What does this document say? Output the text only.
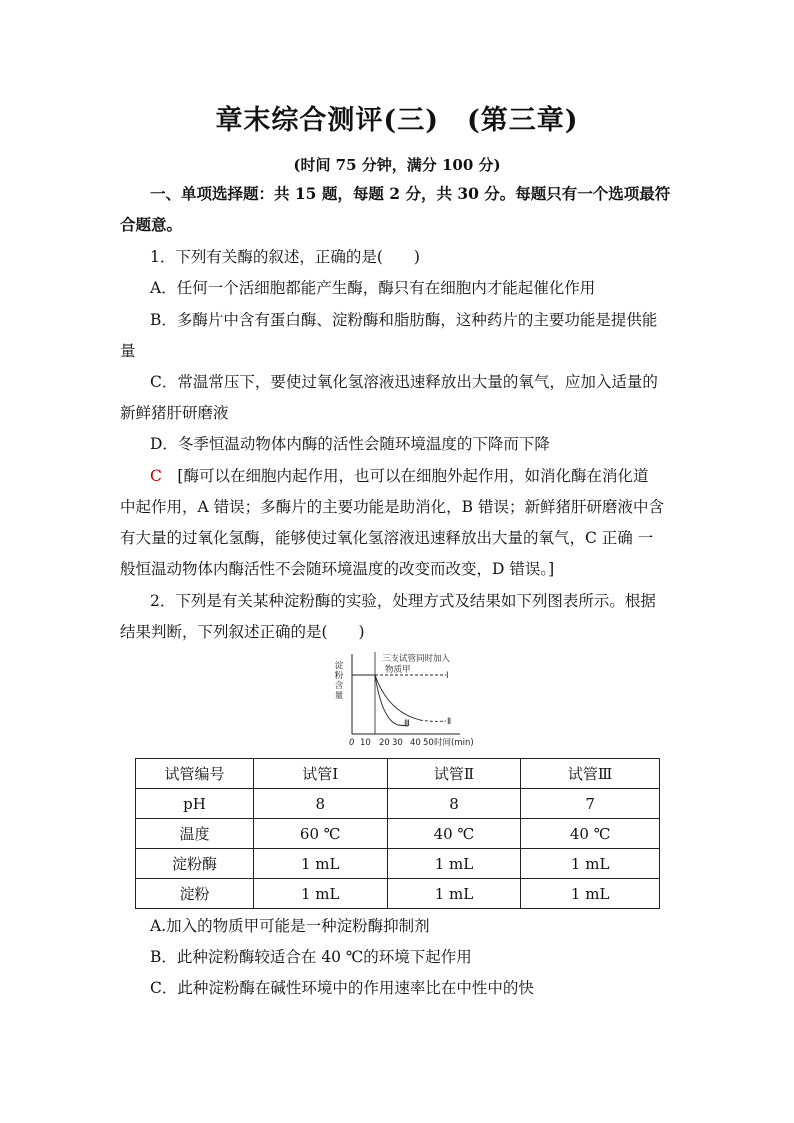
章末综合测评(三)　(第三章)
(时间 75 分钟，满分 100 分)
一、单项选择题：共 15 题，每题 2 分，共 30 分。每题只有一个选项最符
合题意。
1．下列有关酶的叙述，正确的是(　　)
A．任何一个活细胞都能产生酶，酶只有在细胞内才能起催化作用
B．多酶片中含有蛋白酶、淀粉酶和脂肪酶，这种药片的主要功能是提供能
量
C．常温常压下，要使过氧化氢溶液迅速释放出大量的氧气，应加入适量的
新鲜猪肝研磨液
D．冬季恒温动物体内酶的活性会随环境温度的下降而下降
C　 [酶可以在细胞内起作用，也可以在细胞外起作用，如消化酶在消化道
中起作用，A 错误；多酶片的主要功能是助消化，B 错误；新鲜猪肝研磨液中含
有大量的过氧化氢酶，能够使过氧化氢溶液迅速释放出大量的氧气，C 正确 一
般恒温动物体内酶活性不会随环境温度的改变而改变，D 错误。]
2．下列是有关某种淀粉酶的实验，处理方式及结果如下列图表所示。根据
结果判断，下列叙述正确的是(　　)
淀粉含量
三支试管同时加入
物质甲
Ⅰ
Ⅱ
Ⅲ
0 10 20 30 40 50 时间(min)
试管编号	试管Ⅰ	试管Ⅱ	试管Ⅲ
pH	8	8	7
温度	60 ℃	40 ℃	40 ℃
淀粉酶	1 mL	1 mL	1 mL
淀粉	1 mL	1 mL	1 mL
A.加入的物质甲可能是一种淀粉酶抑制剂
B．此种淀粉酶较适合在 40 ℃的环境下起作用
C．此种淀粉酶在碱性环境中的作用速率比在中性中的快
